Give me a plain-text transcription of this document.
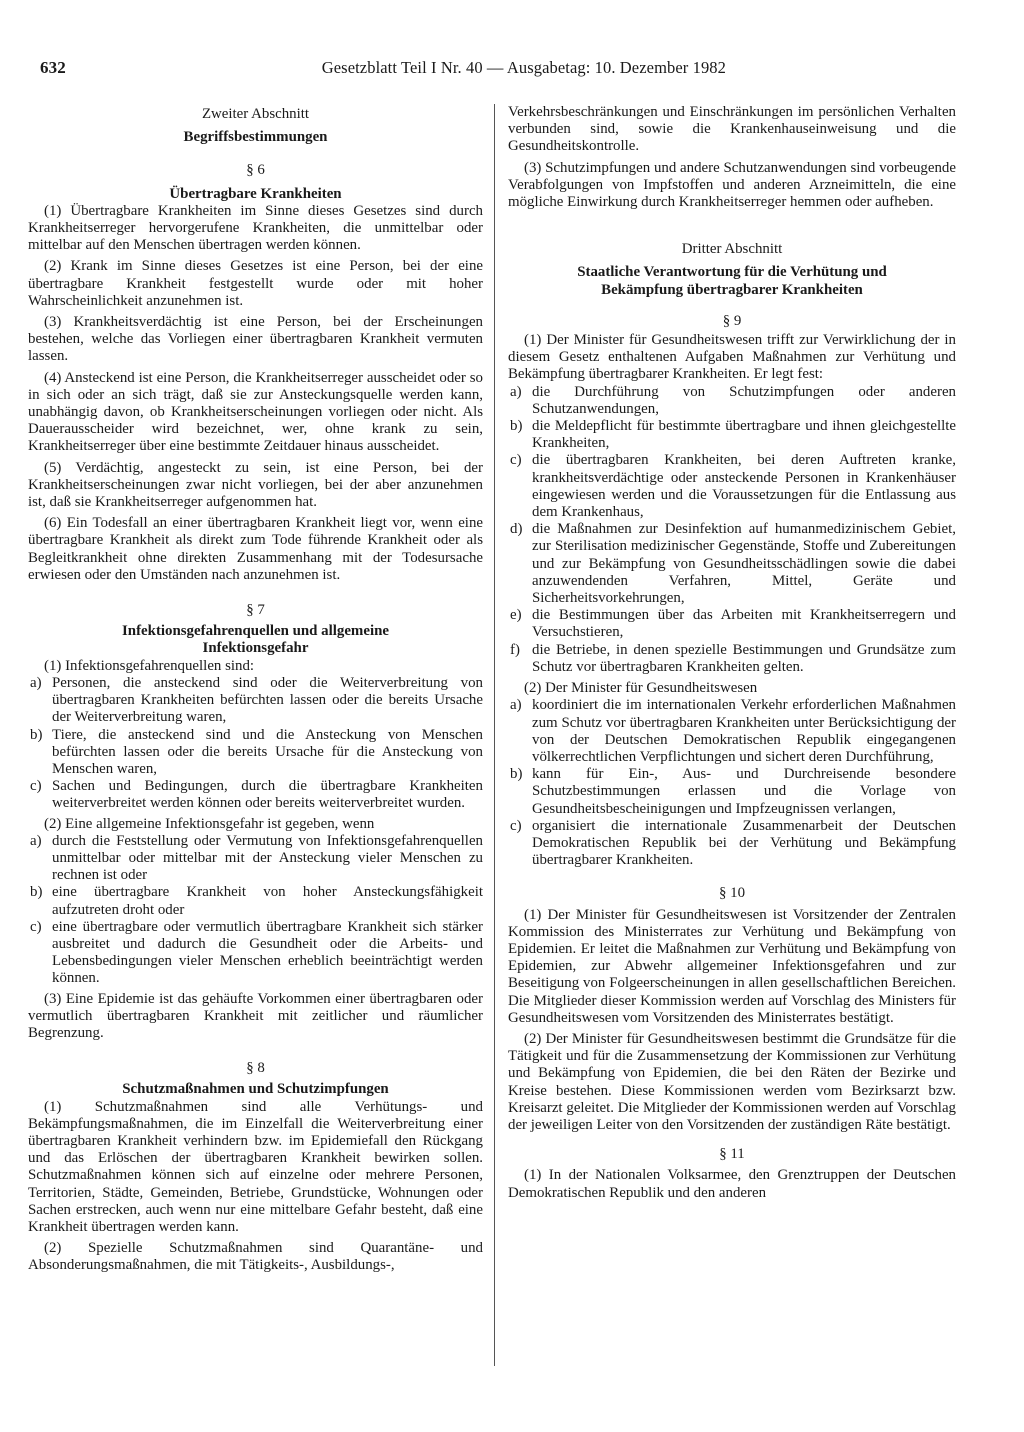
632	Gesetzblatt Teil I Nr. 40 — Ausgabetag: 10. Dezember 1982

Zweiter Abschnitt

Begriffsbestimmungen

§ 6

Übertragbare Krankheiten

(1) Übertragbare Krankheiten im Sinne dieses Gesetzes sind durch Krankheitserreger hervorgerufene Krankheiten, die unmittelbar oder mittelbar auf den Menschen übertragen werden können.

(2) Krank im Sinne dieses Gesetzes ist eine Person, bei der eine übertragbare Krankheit festgestellt wurde oder mit hoher Wahrscheinlichkeit anzunehmen ist.

(3) Krankheitsverdächtig ist eine Person, bei der Erscheinungen bestehen, welche das Vorliegen einer übertragbaren Krankheit vermuten lassen.

(4) Ansteckend ist eine Person, die Krankheitserreger ausscheidet oder so in sich oder an sich trägt, daß sie zur Ansteckungsquelle werden kann, unabhängig davon, ob Krankheitserscheinungen vorliegen oder nicht. Als Dauerausscheider wird bezeichnet, wer, ohne krank zu sein, Krankheitserreger über eine bestimmte Zeitdauer hinaus ausscheidet.

(5) Verdächtig, angesteckt zu sein, ist eine Person, bei der Krankheitserscheinungen zwar nicht vorliegen, bei der aber anzunehmen ist, daß sie Krankheitserreger aufgenommen hat.

(6) Ein Todesfall an einer übertragbaren Krankheit liegt vor, wenn eine übertragbare Krankheit als direkt zum Tode führende Krankheit oder als Begleitkrankheit ohne direkten Zusammenhang mit der Todesursache erwiesen oder den Umständen nach anzunehmen ist.

§ 7

Infektionsgefahrenquellen und allgemeine Infektionsgefahr

(1) Infektionsgefahrenquellen sind:

a) Personen, die ansteckend sind oder die Weiterverbreitung von übertragbaren Krankheiten befürchten lassen oder die bereits Ursache der Weiterverbreitung waren,
b) Tiere, die ansteckend sind und die Ansteckung von Menschen befürchten lassen oder die bereits Ursache für die Ansteckung von Menschen waren,
c) Sachen und Bedingungen, durch die übertragbare Krankheiten weiterverbreitet werden können oder bereits weiterverbreitet wurden.

(2) Eine allgemeine Infektionsgefahr ist gegeben, wenn

a) durch die Feststellung oder Vermutung von Infektionsgefahrenquellen unmittelbar oder mittelbar mit der Ansteckung vieler Menschen zu rechnen ist oder
b) eine übertragbare Krankheit von hoher Ansteckungsfähigkeit aufzutreten droht oder
c) eine übertragbare oder vermutlich übertragbare Krankheit sich stärker ausbreitet und dadurch die Gesundheit oder die Arbeits- und Lebensbedingungen vieler Menschen erheblich beeinträchtigt werden können.

(3) Eine Epidemie ist das gehäufte Vorkommen einer übertragbaren oder vermutlich übertragbaren Krankheit mit zeitlicher und räumlicher Begrenzung.

§ 8

Schutzmaßnahmen und Schutzimpfungen

(1) Schutzmaßnahmen sind alle Verhütungs- und Bekämpfungsmaßnahmen, die im Einzelfall die Weiterverbreitung einer übertragbaren Krankheit verhindern bzw. im Epidemiefall den Rückgang und das Erlöschen der übertragbaren Krankheit bewirken sollen. Schutzmaßnahmen können sich auf einzelne oder mehrere Personen, Territorien, Städte, Gemeinden, Betriebe, Grundstücke, Wohnungen oder Sachen erstrecken, auch wenn nur eine mittelbare Gefahr besteht, daß eine Krankheit übertragen werden kann.

(2) Spezielle Schutzmaßnahmen sind Quarantäne- und Absonderungsmaßnahmen, die mit Tätigkeits-, Ausbildungs-,

Verkehrsbeschränkungen und Einschränkungen im persönlichen Verhalten verbunden sind, sowie die Krankenhauseinweisung und die Gesundheitskontrolle.

(3) Schutzimpfungen und andere Schutzanwendungen sind vorbeugende Verabfolgungen von Impfstoffen und anderen Arzneimitteln, die eine mögliche Einwirkung durch Krankheitserreger hemmen oder aufheben.

Dritter Abschnitt

Staatliche Verantwortung für die Verhütung und Bekämpfung übertragbarer Krankheiten

§ 9

(1) Der Minister für Gesundheitswesen trifft zur Verwirklichung der in diesem Gesetz enthaltenen Aufgaben Maßnahmen zur Verhütung und Bekämpfung übertragbarer Krankheiten. Er legt fest:

a) die Durchführung von Schutzimpfungen oder anderen Schutzanwendungen,
b) die Meldepflicht für bestimmte übertragbare und ihnen gleichgestellte Krankheiten,
c) die übertragbaren Krankheiten, bei deren Auftreten kranke, krankheitsverdächtige oder ansteckende Personen in Krankenhäuser eingewiesen werden und die Voraussetzungen für die Entlassung aus dem Krankenhaus,
d) die Maßnahmen zur Desinfektion auf humanmedizinischem Gebiet, zur Sterilisation medizinischer Gegenstände, Stoffe und Zubereitungen und zur Bekämpfung von Gesundheitsschädlingen sowie die dabei anzuwendenden Verfahren, Mittel, Geräte und Sicherheitsvorkehrungen,
e) die Bestimmungen über das Arbeiten mit Krankheitserregern und Versuchstieren,
f) die Betriebe, in denen spezielle Bestimmungen und Grundsätze zum Schutz vor übertragbaren Krankheiten gelten.

(2) Der Minister für Gesundheitswesen

a) koordiniert die im internationalen Verkehr erforderlichen Maßnahmen zum Schutz vor übertragbaren Krankheiten unter Berücksichtigung der von der Deutschen Demokratischen Republik eingegangenen völkerrechtlichen Verpflichtungen und sichert deren Durchführung,
b) kann für Ein-, Aus- und Durchreisende besondere Schutzbestimmungen erlassen und die Vorlage von Gesundheitsbescheinigungen und Impfzeugnissen verlangen,
c) organisiert die internationale Zusammenarbeit der Deutschen Demokratischen Republik bei der Verhütung und Bekämpfung übertragbarer Krankheiten.

§ 10

(1) Der Minister für Gesundheitswesen ist Vorsitzender der Zentralen Kommission des Ministerrates zur Verhütung und Bekämpfung von Epidemien. Er leitet die Maßnahmen zur Verhütung und Bekämpfung von Epidemien, zur Abwehr allgemeiner Infektionsgefahren und zur Beseitigung von Folgeerscheinungen in allen gesellschaftlichen Bereichen. Die Mitglieder dieser Kommission werden auf Vorschlag des Ministers für Gesundheitswesen vom Vorsitzenden des Ministerrates bestätigt.

(2) Der Minister für Gesundheitswesen bestimmt die Grundsätze für die Tätigkeit und für die Zusammensetzung der Kommissionen zur Verhütung und Bekämpfung von Epidemien, die bei den Räten der Bezirke und Kreise bestehen. Diese Kommissionen werden vom Bezirksarzt bzw. Kreisarzt geleitet. Die Mitglieder der Kommissionen werden auf Vorschlag der jeweiligen Leiter von den Vorsitzenden der zuständigen Räte bestätigt.

§ 11

(1) In der Nationalen Volksarmee, den Grenztruppen der Deutschen Demokratischen Republik und den anderen
